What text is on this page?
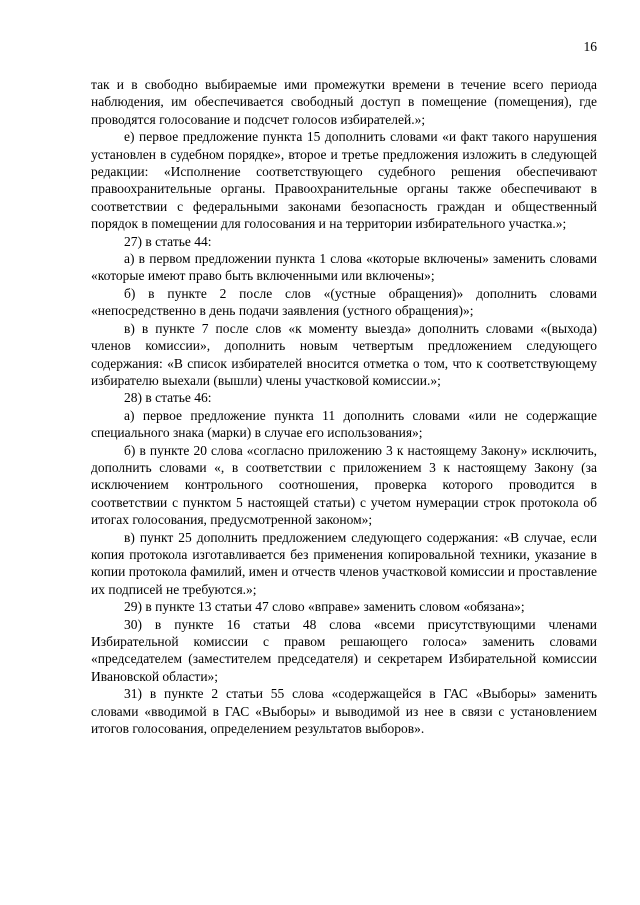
16

так и в свободно выбираемые ими промежутки времени в течение всего периода наблюдения, им обеспечивается свободный доступ в помещение (помещения), где проводятся голосование и подсчет голосов избирателей.»;

е) первое предложение пункта 15 дополнить словами «и факт такого нарушения установлен в судебном порядке», второе и третье предложения изложить в следующей редакции: «Исполнение соответствующего судебного решения обеспечивают правоохранительные органы. Правоохранительные органы также обеспечивают в соответствии с федеральными законами безопасность граждан и общественный порядок в помещении для голосования и на территории избирательного участка.»;

27) в статье 44:

а) в первом предложении пункта 1 слова «которые включены» заменить словами «которые имеют право быть включенными или включены»;

б) в пункте 2 после слов «(устные обращения)» дополнить словами «непосредственно в день подачи заявления (устного обращения)»;

в) в пункте 7 после слов «к моменту выезда» дополнить словами «(выхода) членов комиссии», дополнить новым четвертым предложением следующего содержания: «В список избирателей вносится отметка о том, что к соответствующему избирателю выехали (вышли) члены участковой комиссии.»;

28) в статье 46:

а) первое предложение пункта 11 дополнить словами «или не содержащие специального знака (марки) в случае его использования»;

б) в пункте 20 слова «согласно приложению 3 к настоящему Закону» исключить, дополнить словами «, в соответствии с приложением 3 к настоящему Закону (за исключением контрольного соотношения, проверка которого проводится в соответствии с пунктом 5 настоящей статьи) с учетом нумерации строк протокола об итогах голосования, предусмотренной законом»;

в) пункт 25 дополнить предложением следующего содержания: «В случае, если копия протокола изготавливается без применения копировальной техники, указание в копии протокола фамилий, имен и отчеств членов участковой комиссии и проставление их подписей не требуются.»;

29) в пункте 13 статьи 47 слово «вправе» заменить словом «обязана»;

30) в пункте 16 статьи 48 слова «всеми присутствующими членами Избирательной комиссии с правом решающего голоса» заменить словами «председателем (заместителем председателя) и секретарем Избирательной комиссии Ивановской области»;

31) в пункте 2 статьи 55 слова «содержащейся в ГАС «Выборы» заменить словами «вводимой в ГАС «Выборы» и выводимой из нее в связи с установлением итогов голосования, определением результатов выборов».
